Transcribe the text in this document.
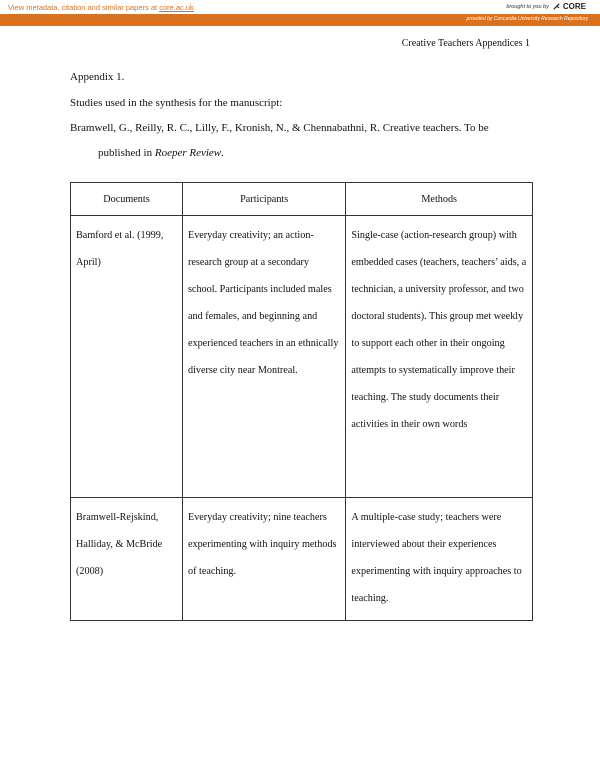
View metadata, citation and similar papers at core.ac.uk	brought to you by CORE
provided by Concordia University Research Repository
Creative Teachers Appendices 1
Appendix 1.
Studies used in the synthesis for the manuscript:
Bramwell, G., Reilly, R. C., Lilly, F., Kronish, N., & Chennabathni, R. Creative teachers. To be
published in Roeper Review.
Documents	Participants	Methods
Bamford et al. (1999, April)	Everyday creativity; an action-research group at a secondary school. Participants included males and females, and beginning and experienced teachers in an ethnically diverse city near Montreal.	Single-case (action-research group) with embedded cases (teachers, teachers’ aids, a technician, a university professor, and two doctoral students). This group met weekly to support each other in their ongoing attempts to systematically improve their teaching. The study documents their activities in their own words
Bramwell-Rejskind, Halliday, & McBride (2008)	Everyday creativity; nine teachers experimenting with inquiry methods of teaching.	A multiple-case study; teachers were interviewed about their experiences experimenting with inquiry approaches to teaching.
